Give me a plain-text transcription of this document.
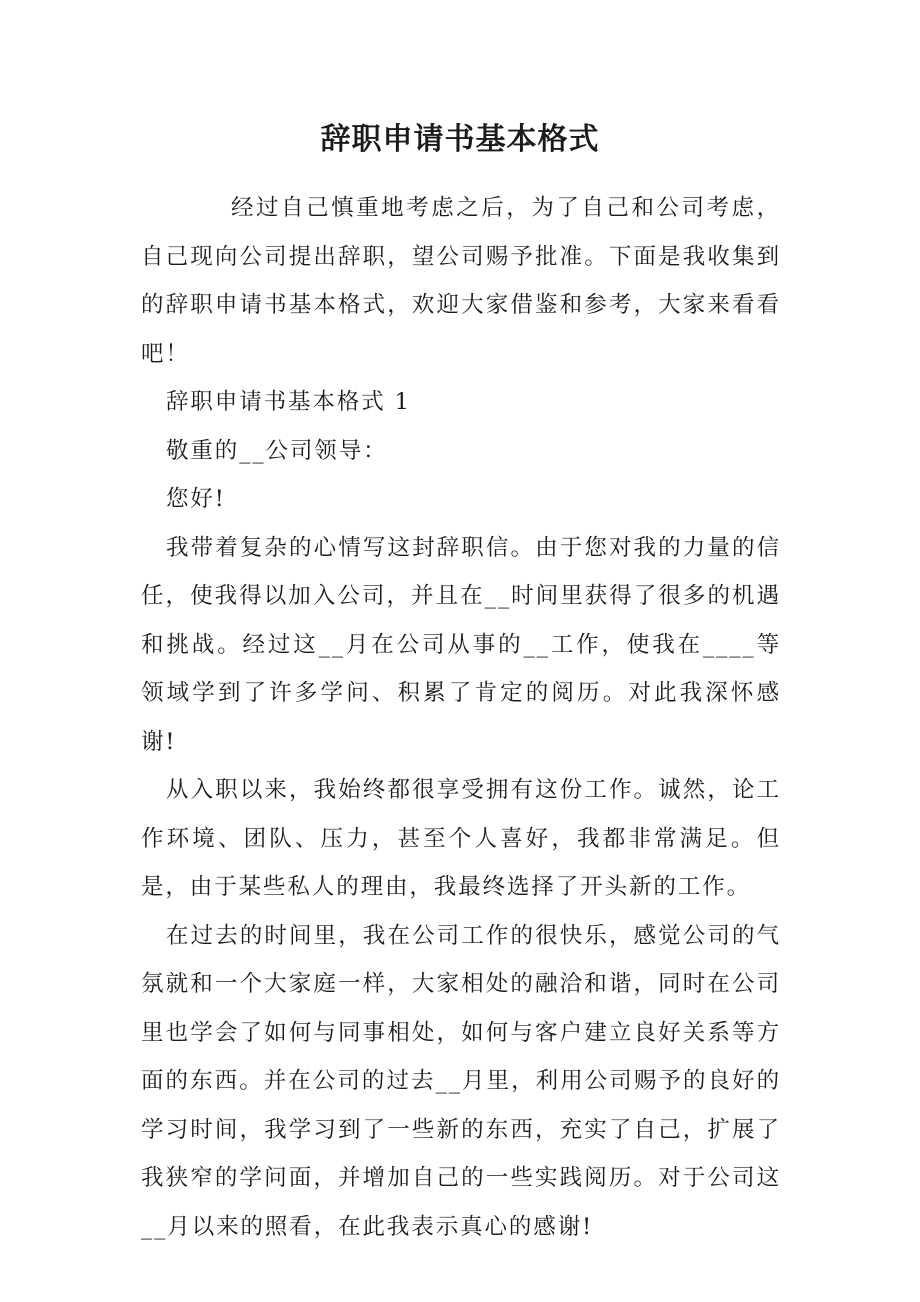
辞职申请书基本格式

经过自己慎重地考虑之后，为了自己和公司考虑，自己现向公司提出辞职，望公司赐予批准。下面是我收集到的辞职申请书基本格式，欢迎大家借鉴和参考，大家来看看吧！

辞职申请书基本格式 1

敬重的__公司领导：

您好!

我带着复杂的心情写这封辞职信。由于您对我的力量的信任，使我得以加入公司，并且在__时间里获得了很多的机遇和挑战。经过这__月在公司从事的__工作，使我在____等领域学到了许多学问、积累了肯定的阅历。对此我深怀感谢!

从入职以来，我始终都很享受拥有这份工作。诚然，论工作环境、团队、压力，甚至个人喜好，我都非常满足。但是，由于某些私人的理由，我最终选择了开头新的工作。

在过去的时间里，我在公司工作的很快乐，感觉公司的气氛就和一个大家庭一样，大家相处的融洽和谐，同时在公司里也学会了如何与同事相处，如何与客户建立良好关系等方面的东西。并在公司的过去__月里，利用公司赐予的良好的学习时间，我学习到了一些新的东西，充实了自己，扩展了我狭窄的学问面，并增加自己的一些实践阅历。对于公司这__月以来的照看，在此我表示真心的感谢!
